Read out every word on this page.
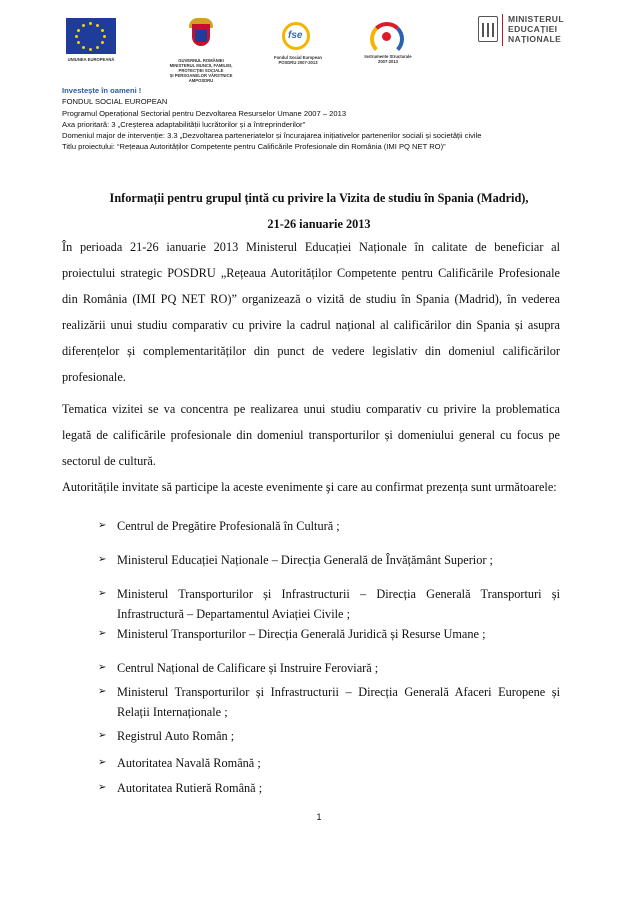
UNIUNEA EUROPEANĂ	GUVERNUL ROMÂNIEI
MINISTERUL MUNCII, FAMILIEI,
PROTECȚIEI SOCIALE
ȘI PERSOANELOR VÂRSTNICE
AMPOSDRU
fse
Fondul Social European
POSDRU 2007-2013
Instrumente Structurale
2007-2013
MINISTERUL
EDUCAȚIEI
NAȚIONALE
Investește în oameni !
FONDUL SOCIAL EUROPEAN
Programul Operațional Sectorial pentru Dezvoltarea Resurselor Umane 2007 – 2013
Axa prioritară: 3 „Creșterea adaptabilității lucrătorilor și a întreprinderilor”
Domeniul major de intervenție: 3.3 „Dezvoltarea parteneriatelor și încurajarea inițiativelor partenerilor sociali și societății civile
Titlu proiectului: “Rețeaua Autorităților Competente pentru Calificările Profesionale din România (IMI PQ NET RO)”
Informații pentru grupul țintă cu privire la Vizita de studiu în Spania (Madrid),
21-26 ianuarie 2013
În perioada 21-26 ianuarie 2013 Ministerul Educației Naționale în calitate de beneficiar al proiectului strategic POSDRU „Rețeaua Autorităților Competente pentru Calificările Profesionale din România (IMI PQ NET RO)” organizează o vizită de studiu în Spania (Madrid), în vederea realizării unui studiu comparativ cu privire la cadrul național al calificărilor din Spania și asupra diferențelor și complementarităților din punct de vedere legislativ din domeniul calificărilor profesionale.
Tematica vizitei se va concentra pe realizarea unui studiu comparativ cu privire la problematica legată de calificările profesionale din domeniul transporturilor și domeniului general cu focus pe sectorul de cultură.
Autoritățile invitate să participe la aceste evenimente şi care au confirmat prezența sunt următoarele:
➢ Centrul de Pregătire Profesională în Cultură ;
➢ Ministerul Educației Naționale – Direcția Generală de Învățământ Superior ;
➢ Ministerul Transporturilor și Infrastructurii – Direcția Generală Transporturi și Infrastructură – Departamentul Aviației Civile ;
➢ Ministerul Transporturilor – Direcția Generală Juridică și Resurse Umane ;
➢ Centrul Național de Calificare și Instruire Feroviară ;
➢ Ministerul Transporturilor și Infrastructurii – Direcția Generală Afaceri Europene și Relații Internaționale ;
➢ Registrul Auto Român ;
➢ Autoritatea Navală Română ;
➢ Autoritatea Rutieră Română ;
1
